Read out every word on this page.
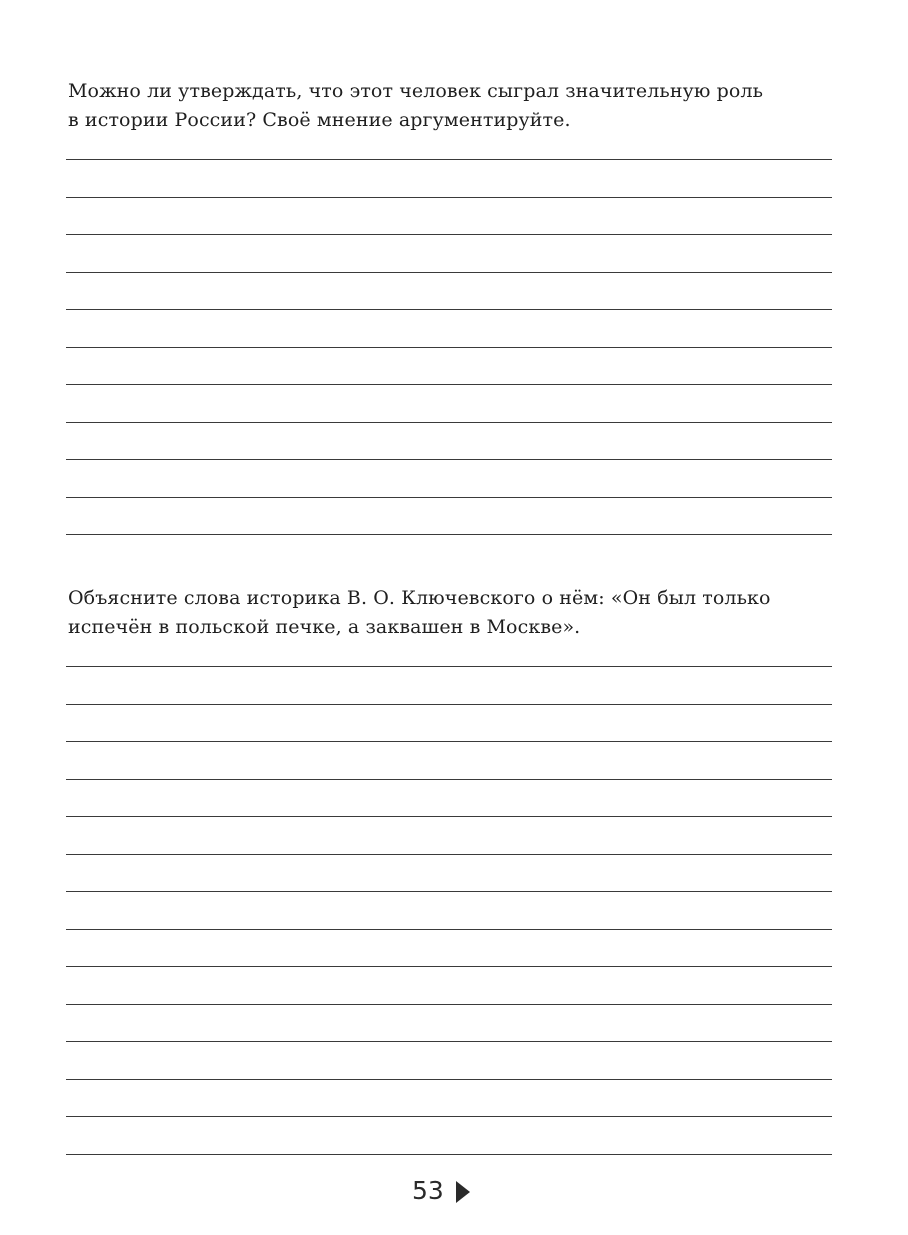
Можно ли утверждать, что этот человек сыграл значительную роль
в истории России? Своё мнение аргументируйте.
Объясните слова историка В. О. Ключевского о нём: «Он был только
испечён в польской печке, а заквашен в Москве».
53
